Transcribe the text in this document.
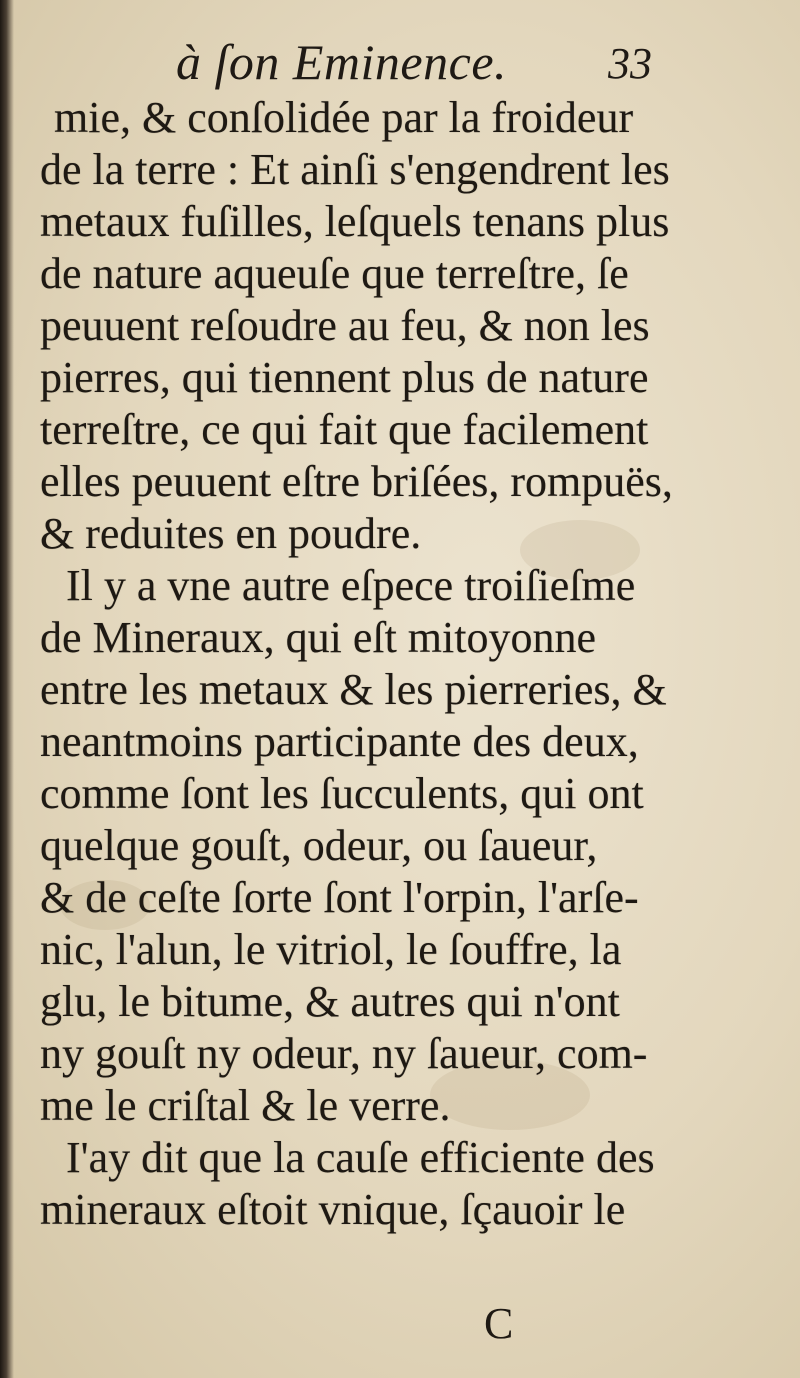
à ſon Eminence. 33
mie, & conſolidée par la froideur
de la terre : Et ainſi s'engendrent les
metaux fuſilles, leſquels tenans plus
de nature aqueuſe que terreſtre, ſe
peuuent reſoudre au feu, & non les
pierres, qui tiennent plus de nature
terreſtre, ce qui fait que facilement
elles peuuent eſtre briſées, rompuës,
& reduites en poudre.
Il y a vne autre eſpece troiſieſme
de Mineraux, qui eſt mitoyonne
entre les metaux & les pierreries, &
neantmoins participante des deux,
comme ſont les ſucculents, qui ont
quelque gouſt, odeur, ou ſaueur,
& de ceſte ſorte ſont l'orpin, l'arſe-
nic, l'alun, le vitriol, le ſouffre, la
glu, le bitume, & autres qui n'ont
ny gouſt ny odeur, ny ſaueur, com-
me le criſtal & le verre.
I'ay dit que la cauſe efficiente des
mineraux eſtoit vnique, ſçauoir le
C
